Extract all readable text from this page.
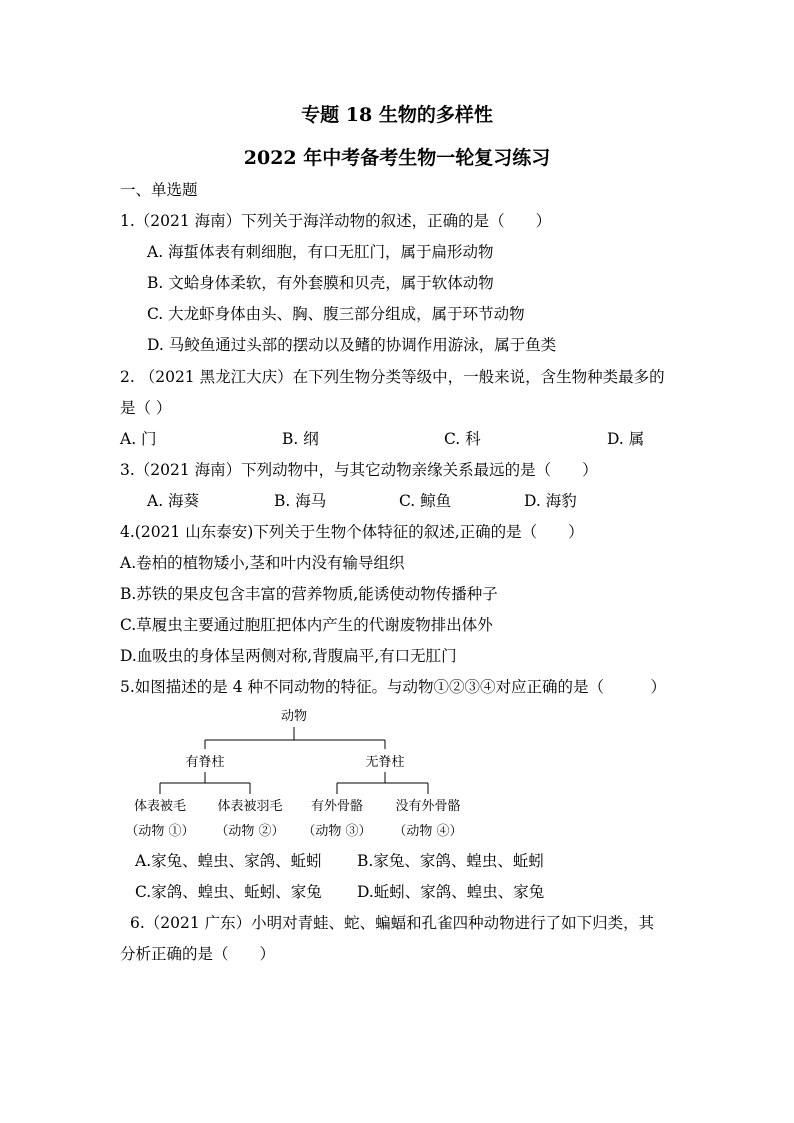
专题 18 生物的多样性
2022 年中考备考生物一轮复习练习
一、单选题
1.（2021 海南）下列关于海洋动物的叙述，正确的是（　　）
A. 海蜇体表有刺细胞，有口无肛门，属于扁形动物
B. 文蛤身体柔软，有外套膜和贝壳，属于软体动物
C. 大龙虾身体由头、胸、腹三部分组成，属于环节动物
D. 马鲛鱼通过头部的摆动以及鳍的协调作用游泳，属于鱼类
2. （2021 黑龙江大庆）在下列生物分类等级中，一般来说，含生物种类最多的
是（ ）
A. 门	B. 纲	C. 科	D. 属
3.（2021 海南）下列动物中，与其它动物亲缘关系最远的是（　　）
A. 海葵	B. 海马	C. 鲸鱼	D. 海豹
4.(2021 山东泰安)下列关于生物个体特征的叙述,正确的是（　　）
A.卷柏的植物矮小,茎和叶内没有输导组织
B.苏铁的果皮包含丰富的营养物质,能诱使动物传播种子
C.草履虫主要通过胞肛把体内产生的代谢废物排出体外
D.血吸虫的身体呈两侧对称,背腹扁平,有口无肛门
5.如图描述的是 4 种不同动物的特征。与动物①②③④对应正确的是（　　　）
动物
有脊柱	无脊柱
体表被毛 体表被羽毛 有外骨骼 没有外骨骼
（动物 ①） （动物 ②） （动物 ③） （动物 ④）
A.家兔、蝗虫、家鸽、蚯蚓 B.家兔、家鸽、蝗虫、蚯蚓
C.家鸽、蝗虫、蚯蚓、家兔 D.蚯蚓、家鸽、蝗虫、家兔
6.（2021 广东）小明对青蛙、蛇、蝙蝠和孔雀四种动物进行了如下归类，其
分析正确的是（　　）
